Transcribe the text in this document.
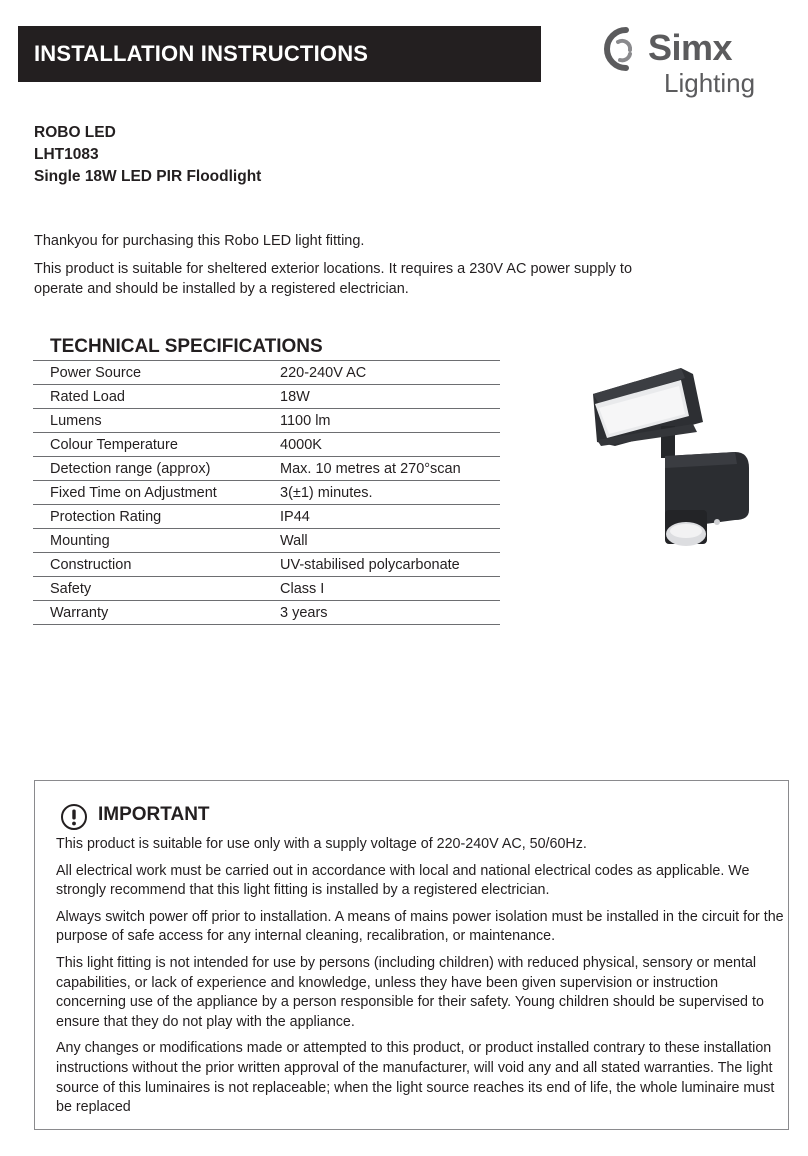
INSTALLATION INSTRUCTIONS	Simx
Lighting
ROBO LED
LHT1083
Single 18W LED PIR Floodlight

Thankyou for purchasing this Robo LED light fitting.

This product is suitable for sheltered exterior locations. It requires a 230V AC power supply to operate and should be installed by a registered electrician.

TECHNICAL SPECIFICATIONS
Power Source	220-240V AC
Rated Load	18W
Lumens	1100 lm
Colour Temperature	4000K
Detection range (approx)	Max. 10 metres at 270°scan
Fixed Time on Adjustment	3(±1) minutes.
Protection Rating	IP44
Mounting	Wall
Construction	UV-stabilised polycarbonate
Safety	Class I
Warranty	3 years
IMPORTANT

This product is suitable for use only with a supply voltage of 220-240V AC, 50/60Hz.

All electrical work must be carried out in accordance with local and national electrical codes as applicable. We strongly recommend that this light fitting is installed by a registered electrician.

Always switch power off prior to installation. A means of mains power isolation must be installed in the circuit for the purpose of safe access for any internal cleaning, recalibration, or maintenance.

This light fitting is not intended for use by persons (including children) with reduced physical, sensory or mental capabilities, or lack of experience and knowledge, unless they have been given supervision or instruction concerning use of the appliance by a person responsible for their safety. Young children should be supervised to ensure that they do not play with the appliance.

Any changes or modifications made or attempted to this product, or product installed contrary to these installation instructions without the prior written approval of the manufacturer, will void any and all stated warranties. The light source of this luminaires is not replaceable; when the light source reaches its end of life, the whole luminaire must be replaced
